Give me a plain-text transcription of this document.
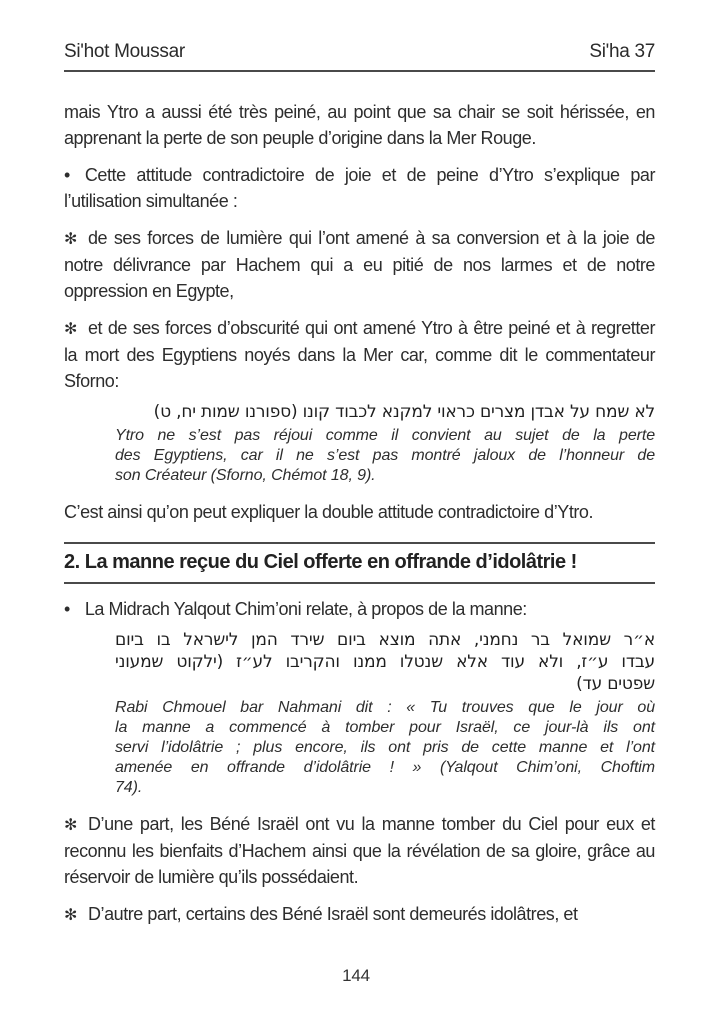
Si'hot Moussar	Si'ha 37

mais Ytro a aussi été très peiné, au point que sa chair se soit hérissée, en apprenant la perte de son peuple d’origine dans la Mer Rouge.

• Cette attitude contradictoire de joie et de peine d’Ytro s’explique par l’utilisation simultanée :

✻ de ses forces de lumière qui l’ont amené à sa conversion et à la joie de notre délivrance par Hachem qui a eu pitié de nos larmes et de notre oppression en Egypte,

✻ et de ses forces d’obscurité qui ont amené Ytro à être peiné et à regretter la mort des Egyptiens noyés dans la Mer car, comme dit le commentateur Sforno:

לא שמח על אבדן מצרים כראוי למקנא לכבוד קונו (ספורנו שמות יח, ט)
Ytro ne s’est pas réjoui comme il convient au sujet de la perte
des Egyptiens, car il ne s’est pas montré jaloux de l’honneur de
son Créateur (Sforno, Chémot 18, 9).

C’est ainsi qu’on peut expliquer la double attitude contradictoire d’Ytro.

2. La manne reçue du Ciel offerte en offrande d’idolâtrie !

• La Midrach Yalqout Chim’oni relate, à propos de la manne:

א״ר שמואל בר נחמני, אתה מוצא ביום שירד המן לישראל בו ביום
עבדו ע״ז, ולא עוד אלא שנטלו ממנו והקריבו לע״ז (ילקוט שמעוני
שפטים עד)
Rabi Chmouel bar Nahmani dit : « Tu trouves que le jour où
la manne a commencé à tomber pour Israël, ce jour-là ils ont
servi l’idolâtrie ; plus encore, ils ont pris de cette manne et l’ont
amenée en offrande d’idolâtrie ! » (Yalqout Chim’oni, Choftim
74).

✻ D’une part, les Béné Israël ont vu la manne tomber du Ciel pour eux et reconnu les bienfaits d’Hachem ainsi que la révélation de sa gloire, grâce au réservoir de lumière qu’ils possédaient.

✻ D’autre part, certains des Béné Israël sont demeurés idolâtres, et

144
